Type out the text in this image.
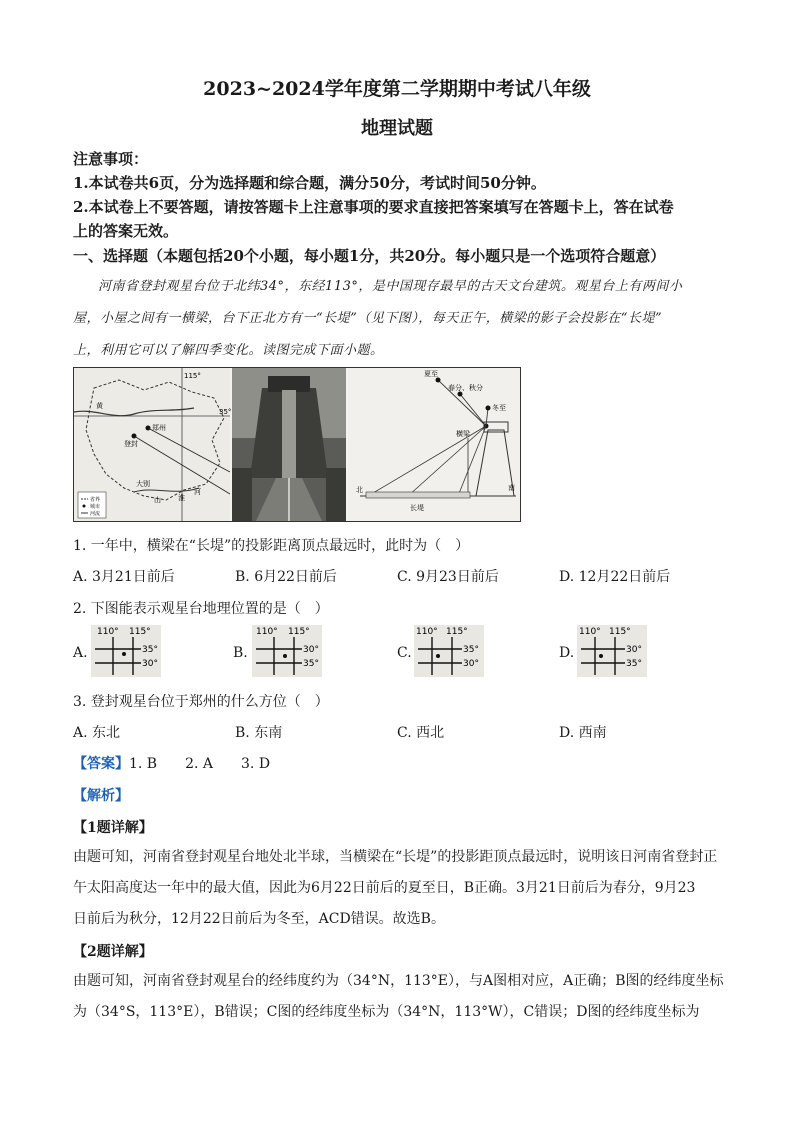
2023~2024学年度第二学期期中考试八年级
地理试题
注意事项：
1.本试卷共6页，分为选择题和综合题，满分50分，考试时间50分钟。
2.本试卷上不要答题，请按答题卡上注意事项的要求直接把答案填写在答题卡上，答在试卷
上的答案无效。
一、选择题（本题包括20个小题，每小题1分，共20分。每小题只是一个选项符合题意）
河南省登封观星台位于北纬34°，东经113°，是中国现存最早的古天文台建筑。观星台上有两间小
屋，小屋之间有一横梁，台下正北方有一“长堤”（见下图），每天正午，横梁的影子会投影在“长堤”
上，利用它可以了解四季变化。读图完成下面小题。
115°
35°
郑州
登封
黄
大别
山 淮
河
省界
城市
河流
夏至
春分、秋分
冬至
横梁
北	南
长堤
1. 一年中，横梁在“长堤”的投影距离顶点最远时，此时为（　）
A. 3月21日前后	B. 6月22日前后	C. 9月23日前后	D. 12月22日前后
2. 下图能表示观星台地理位置的是（　）
A.
110° 115°
35°
30°
B.
110° 115°
30°
35°
C.
110° 115°
35°
30°
D.
110° 115°
30°
35°
3. 登封观星台位于郑州的什么方位（　）
A. 东北	B. 东南	C. 西北	D. 西南
【答案】1. B　　2. A　　3. D
【解析】
【1题详解】
由题可知，河南省登封观星台地处北半球，当横梁在“长堤”的投影距顶点最远时，说明该日河南省登封正
午太阳高度达一年中的最大值，因此为6月22日前后的夏至日，B正确。3月21日前后为春分，9月23
日前后为秋分，12月22日前后为冬至，ACD错误。故选B。
【2题详解】
由题可知，河南省登封观星台的经纬度约为（34°N，113°E），与A图相对应，A正确；B图的经纬度坐标
为（34°S，113°E），B错误；C图的经纬度坐标为（34°N，113°W），C错误；D图的经纬度坐标为
